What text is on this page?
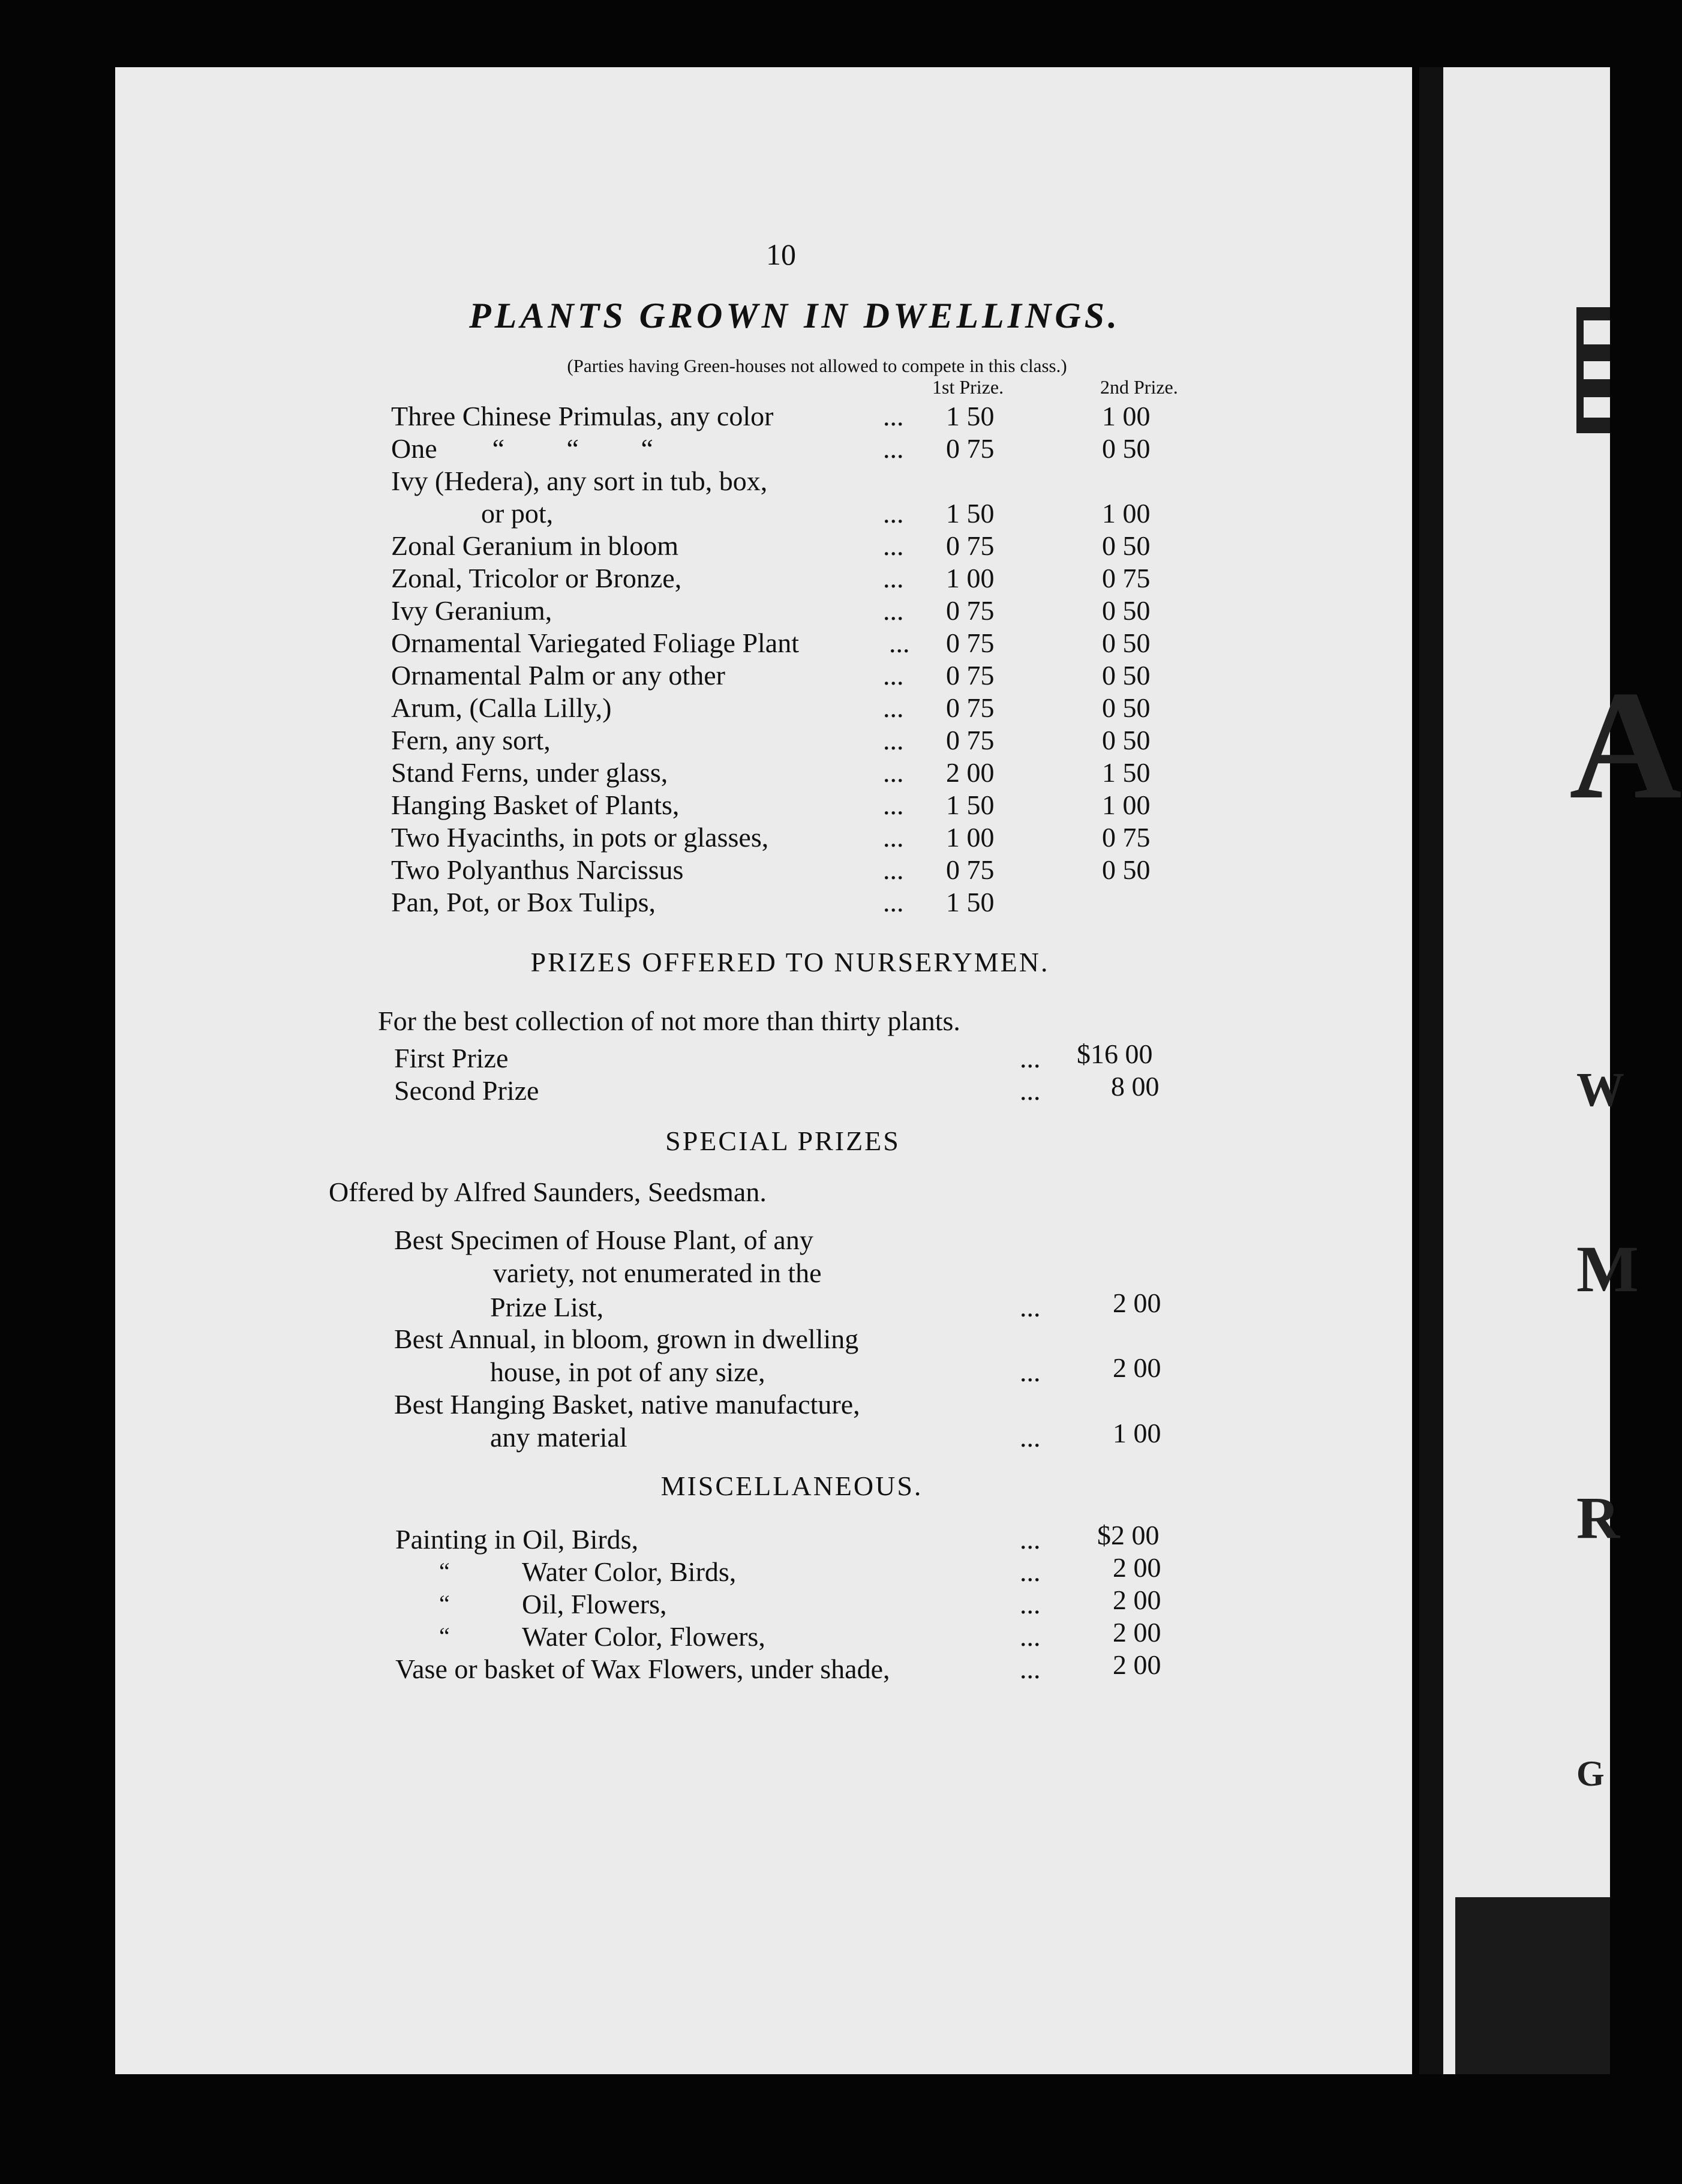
10
PLANTS GROWN IN DWELLINGS.
(Parties having Green-houses not allowed to compete in this class.)
1st Prize.	2nd Prize.
Three Chinese Primulas, any color	... 1 50	1 00
One        “         “         “	... 0 75	0 50
Ivy (Hedera), any sort in tub, box,
or pot,	... 1 50	1 00
Zonal Geranium in bloom	... 0 75	0 50
Zonal, Tricolor or Bronze,	... 1 00	0 75
Ivy Geranium,	... 0 75	0 50
Ornamental Variegated Foliage Plant	... 0 75	0 50
Ornamental Palm or any other	... 0 75	0 50
Arum, (Calla Lilly,)	... 0 75	0 50
Fern, any sort,	... 0 75	0 50
Stand Ferns, under glass,	... 2 00	1 50
Hanging Basket of Plants,	... 1 50	1 00
Two Hyacinths, in pots or glasses,	... 1 00	0 75
Two Polyanthus Narcissus	... 0 75	0 50
Pan, Pot, or Box Tulips,	... 1 50
PRIZES OFFERED TO NURSERYMEN.
For the best collection of not more than thirty plants.
First Prize	... $16 00
Second Prize	...	8 00
SPECIAL PRIZES
Offered by Alfred Saunders, Seedsman.
Best Specimen of House Plant, of any
variety, not enumerated in the
Prize List,	...	2 00
Best Annual, in bloom, grown in dwelling
house, in pot of any size,	...	2 00
Best Hanging Basket, native manufacture,
any material	...	1 00
MISCELLANEOUS.
Painting in Oil, Birds,	... $2 00
“	Water Color, Birds,	...	2 00
“	Oil, Flowers,	...	2 00
“	Water Color, Flowers,	...	2 00
Vase or basket of Wax Flowers, under shade,	...	2 00
A
W
M
R
G
